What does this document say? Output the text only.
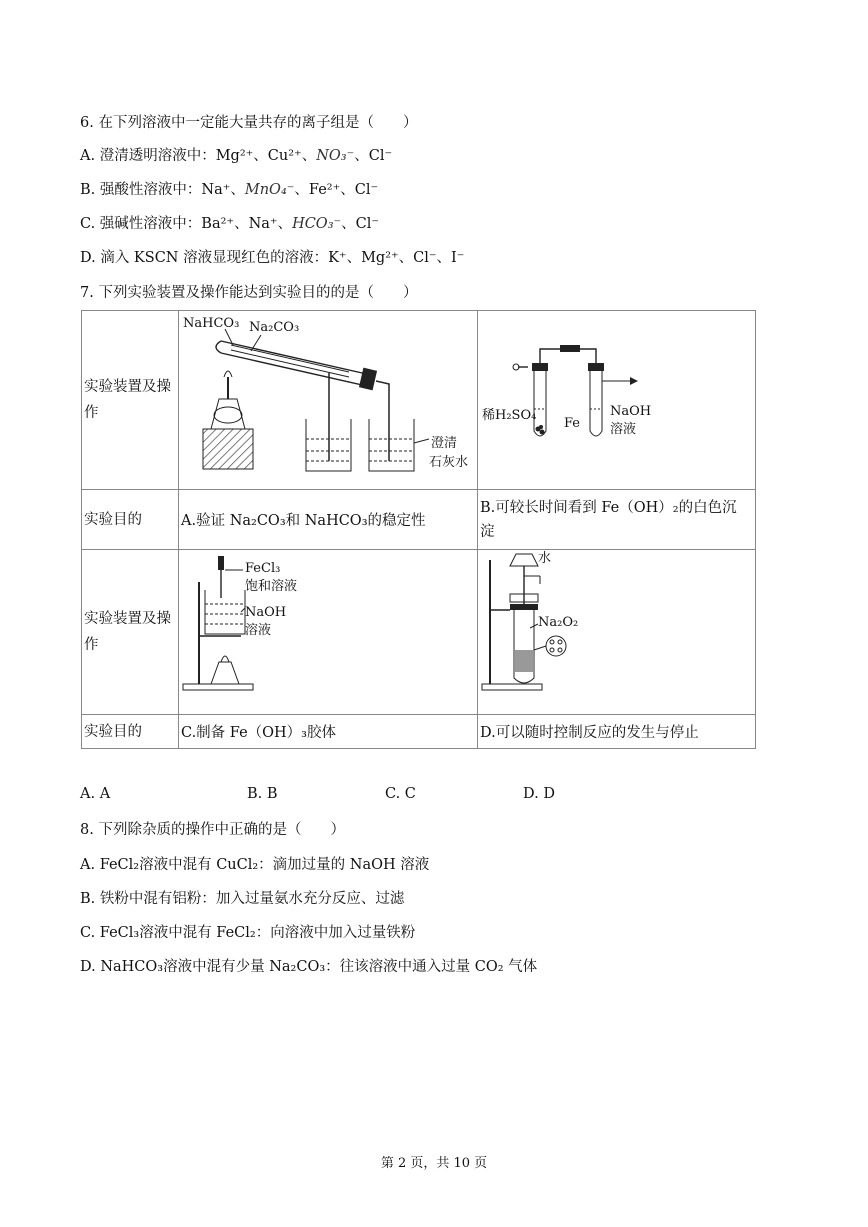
6. 在下列溶液中一定能大量共存的离子组是（　　）
A. 澄清透明溶液中：Mg²⁺、Cu²⁺、NO₃⁻、Cl⁻
B. 强酸性溶液中：Na⁺、MnO₄⁻、Fe²⁺、Cl⁻
C. 强碱性溶液中：Ba²⁺、Na⁺、HCO₃⁻、Cl⁻
D. 滴入 KSCN 溶液显现红色的溶液：K⁺、Mg²⁺、Cl⁻、I⁻
7. 下列实验装置及操作能达到实验目的的是（　　）
实验装置及操作	NaHCO₃ Na₂CO₃
澄清
石灰水	稀H₂SO₄
Fe
NaOH
溶液

实验目的	A.验证 Na₂CO₃和 NaHCO₃的稳定性	B.可较长时间看到 Fe（OH）₂的白色沉
淀

实验装置及操作	FeCl₃
饱和溶液
NaOH
溶液	水
Na₂O₂

实验目的	C.制备 Fe（OH）₃胶体	D.可以随时控制反应的发生与停止
A. A	B. B	C. C	D. D
8. 下列除杂质的操作中正确的是（　　）
A. FeCl₂溶液中混有 CuCl₂：滴加过量的 NaOH 溶液
B. 铁粉中混有铝粉：加入过量氨水充分反应、过滤
C. FeCl₃溶液中混有 FeCl₂：向溶液中加入过量铁粉
D. NaHCO₃溶液中混有少量 Na₂CO₃：往该溶液中通入过量 CO₂ 气体
第 2 页，共 10 页
